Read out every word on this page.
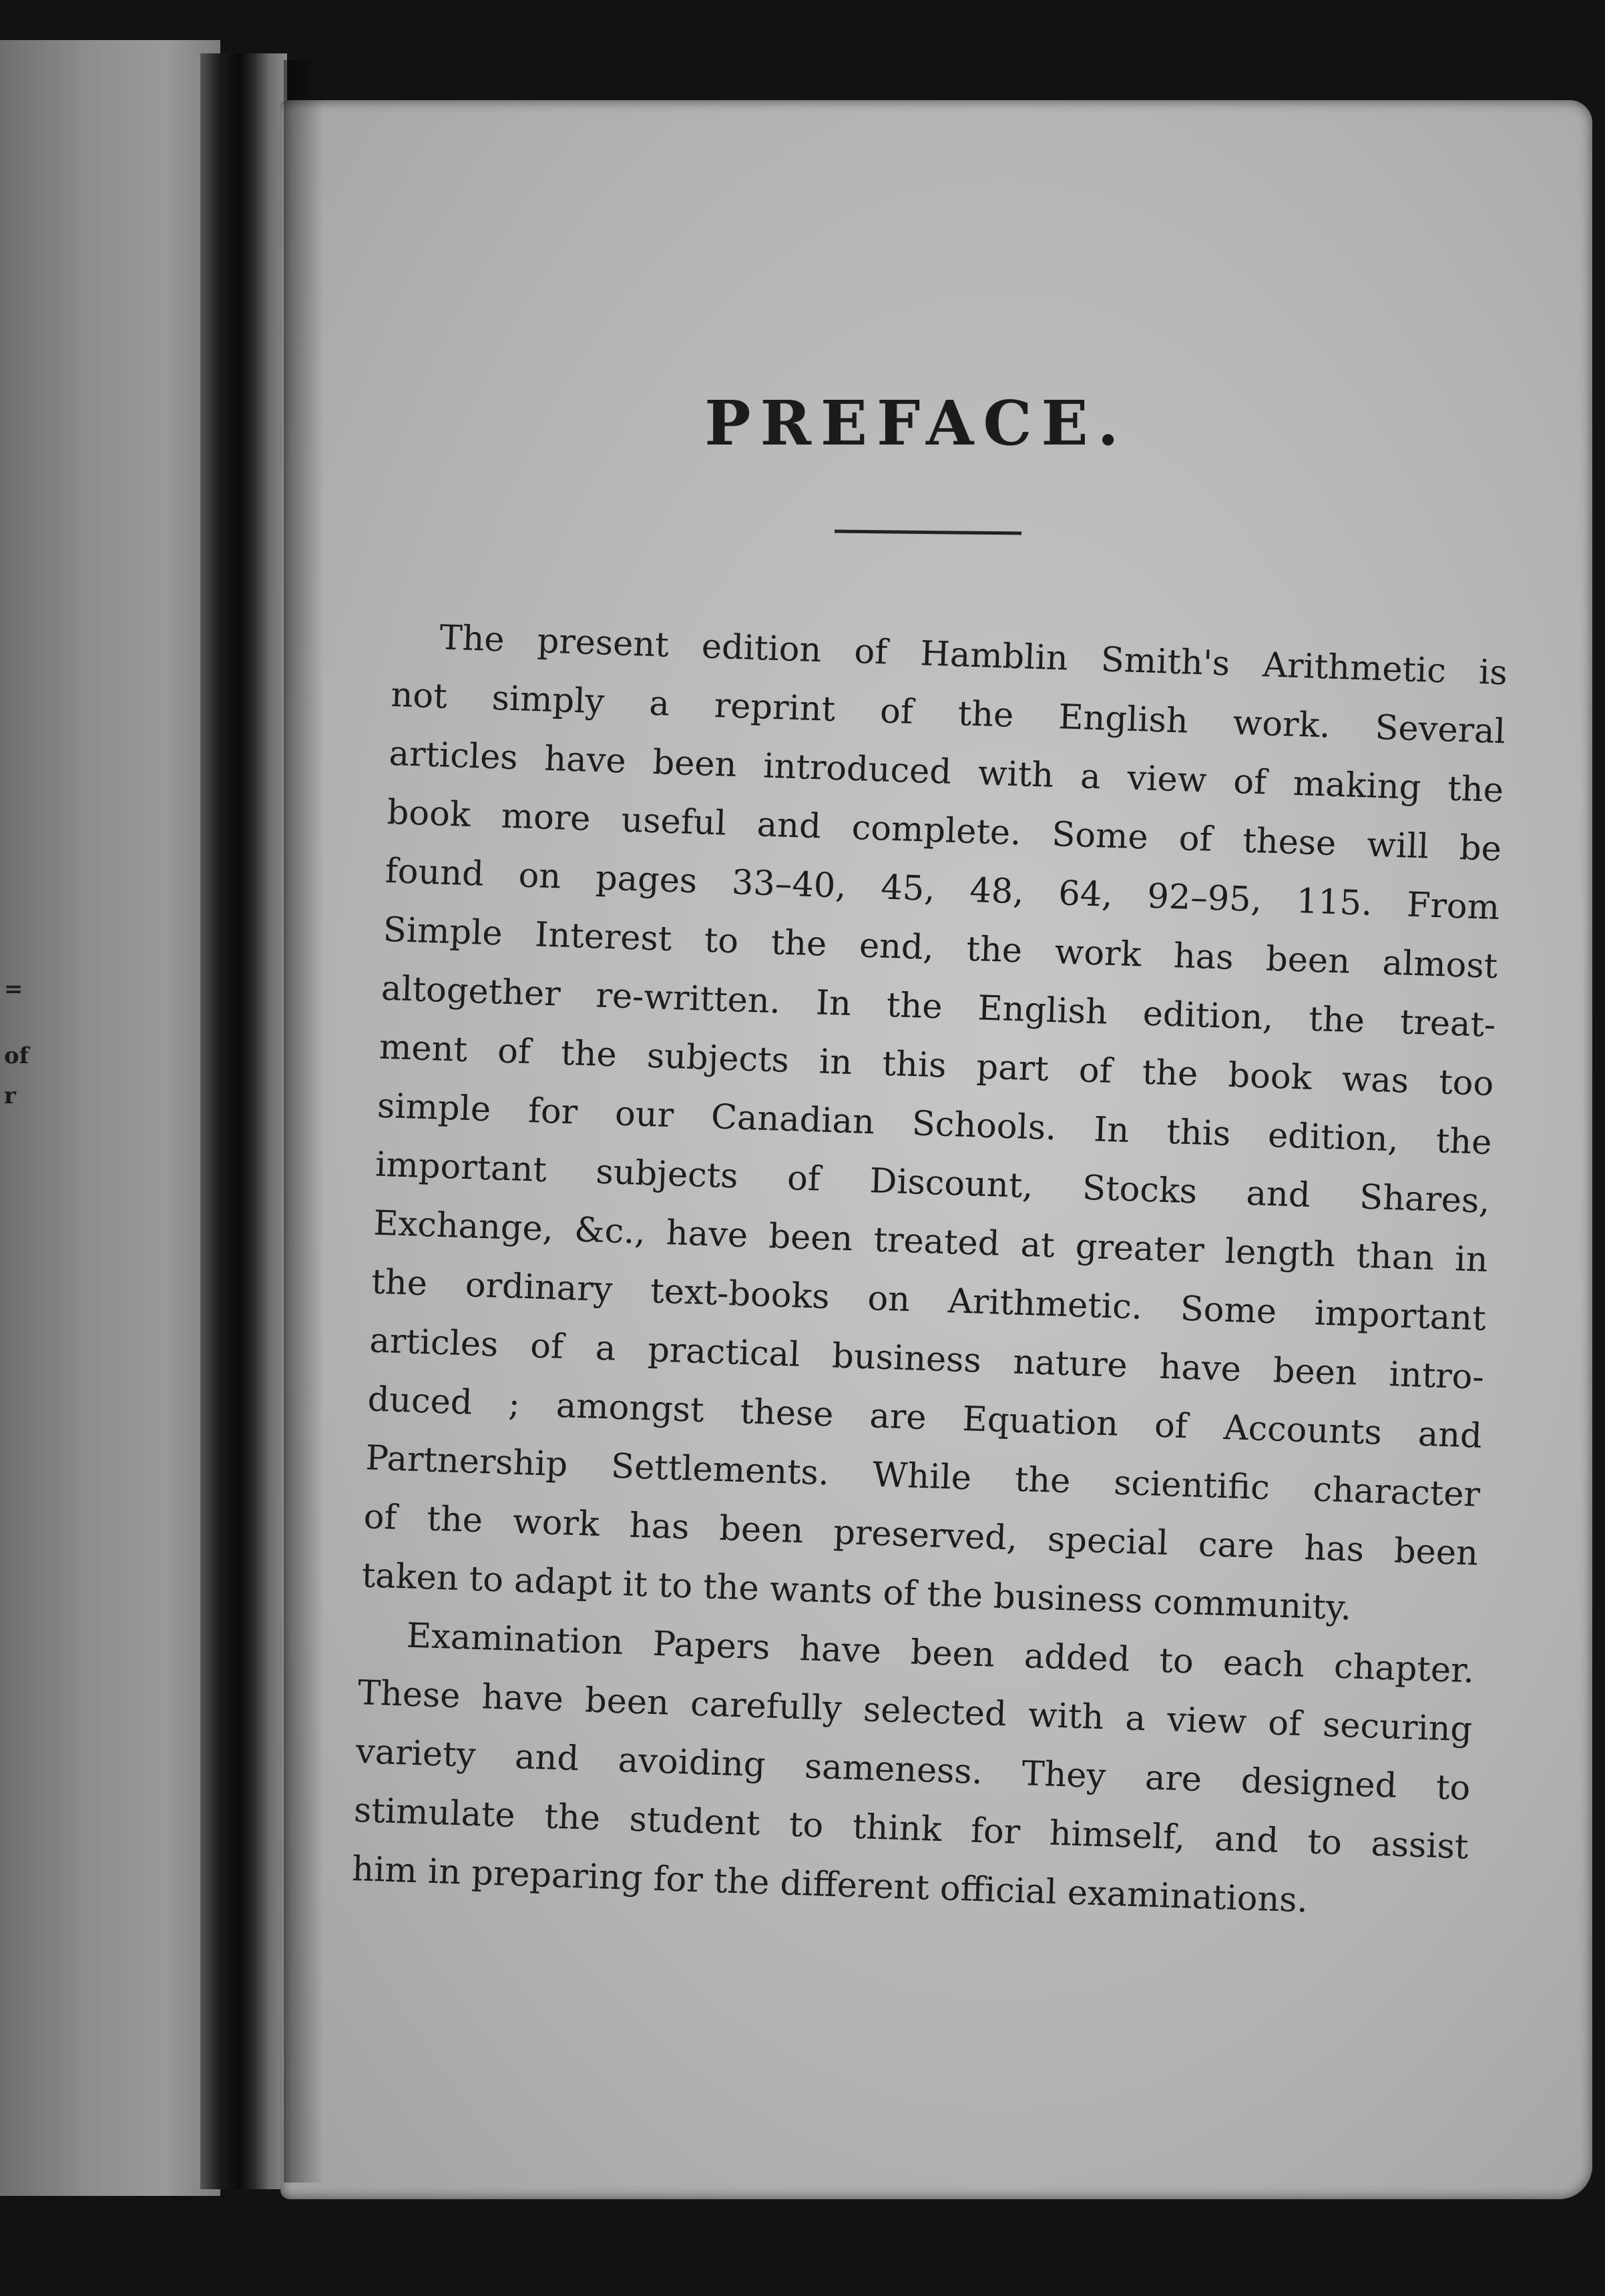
=
of
r
PREFACE.
The present edition of Hamblin Smith's Arithmetic is
not simply a reprint of the English work. Several
articles have been introduced with a view of making the
book more useful and complete. Some of these will be
found on pages 33–40, 45, 48, 64, 92–95, 115. From
Simple Interest to the end, the work has been almost
altogether re-written. In the English edition, the treat-
ment of the subjects in this part of the book was too
simple for our Canadian Schools. In this edition, the
important subjects of Discount, Stocks and Shares,
Exchange, &c., have been treated at greater length than in
the ordinary text-books on Arithmetic. Some important
articles of a practical business nature have been intro-
duced ; amongst these are Equation of Accounts and
Partnership Settlements. While the scientific character
of the work has been preserved, special care has been
taken to adapt it to the wants of the business community.
Examination Papers have been added to each chapter.
These have been carefully selected with a view of securing
variety and avoiding sameness. They are designed to
stimulate the student to think for himself, and to assist
him in preparing for the different official examinations.
